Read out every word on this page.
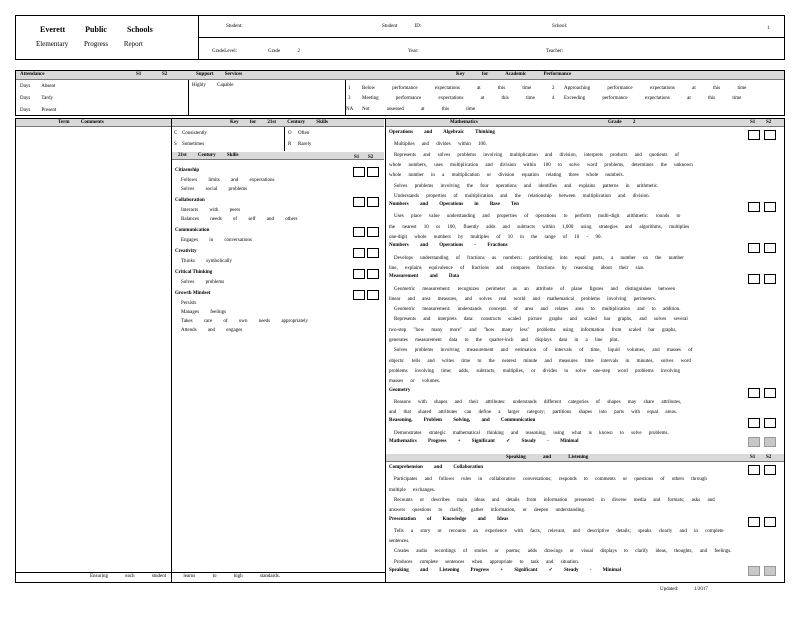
Everett Public Schools
Elementary Progress Report
Student:	Student ID:	School:	1
GradeLevel:	Grade 2	Year:	Teacher:
Attendance	S1	S2	Support Services	Key for Academic Performance
Days Absent
Days Tardy
Days Present
Highly Capable
1 Below performance expectations at this time	2 Approaching performance expectations at this time
3 Meeting performance expectations at this time	4 Exceeding performance expectations at this time
NA Not assessed at this time
Term Comments
Ensuring each student learns to high standards.
Key for 21st Century Skills
C Consistently	O Often
S Sometimes	R Rarely
21st Century Skills	S1 S2
Mathematics	Grade 2	S1 S2
Speaking and Listening	S1 S2
Updated:	1/2017
Citizenship
Follows limits and expectations
Solves social problems
Collaboration
Interacts with peers
Balances needs of self and others
Communication
Engages in conversations
Creativity
Thinks symbolically
Critical Thinking
Solves problems
Growth Mindset
Persists
Manages feelings
Takes care of own needs appropriately
Attends and engages
Operations and Algebraic Thinking
Multiplies and divides within 100.
Represents and solves problems involving multiplication and division, interprets products and quotients of
whole numbers, uses multiplication and division within 100 to solve word problems, determines the unknown
whole number in a multiplication or division equation relating three whole numbers.
Solves problems involving the four operations and identifies and explains patterns in arithmetic.
Understands properties of multiplication and the relationship between multiplication and division.
Numbers and Operations in Base Ten
Uses place value understanding and properties of operations to perform multi-digit arithmetic: rounds to
the nearest 10 or 100, fluently adds and subtracts within 1,000 using strategies and algorithms, multiplies
one-digit whole numbers by multiples of 10 in the range of 10 - 90.
Numbers and Operations - Fractions
Develops understanding of fractions as numbers: partitioning into equal parts, a number on the number
line, explains equivalence of fractions and compares fractions by reasoning about their size.
Measurement and Data
Geometric measurement: recognizes perimeter as an attribute of plane figures and distinguishes between
linear and area measures, and solves real world and mathematical problems involving perimeters.
Geometric measurement: understands concepts of area and relates area to multiplication and to addition.
Represents and interprets data: constructs scaled picture graphs and scaled bar graphs, and solves several
two-step "how many more" and "how many less" problems using information from scaled bar graphs,
generates measurement data to the quarter-inch and displays data in a line plot.
Solves problems involving measurement and estimation of intervals of time, liquid volumes, and masses of
objects: tells and writes time to the nearest minute and measures time intervals in minutes, solves word
problems involving time; adds, subtracts, multiplies, or divides to solve one-step word problems involving
masses or volumes.
Geometry
Reasons with shapes and their attributes: understands different categories of shapes may share attributes,
and that shared attributes can define a larger category; partitions shapes into parts with equal areas.
Reasoning, Problem Solving, and Communication
Demonstrates strategic mathematical thinking and reasoning, using what is known to solve problems.
Mathematics Progress + Significant ✓ Steady - Minimal
Comprehension and Collaboration
Participates and follows rules in collaborative conversations; responds to comments or questions of others through
multiple exchanges.
Recounts or describes main ideas and details from information presented in diverse media and formats; asks and
answers questions to clarify, gather information, or deepen understanding.
Presentation of Knowledge and Ideas
Tells a story or recounts an experience with facts, relevant, and descriptive details; speaks clearly and in complete
sentences.
Creates audio recordings of stories or poems; adds drawings or visual displays to clarify ideas, thoughts, and feelings.
Produces complete sentences when appropriate to task and situation.
Speaking and Listening Progress + Significant ✓ Steady - Minimal
